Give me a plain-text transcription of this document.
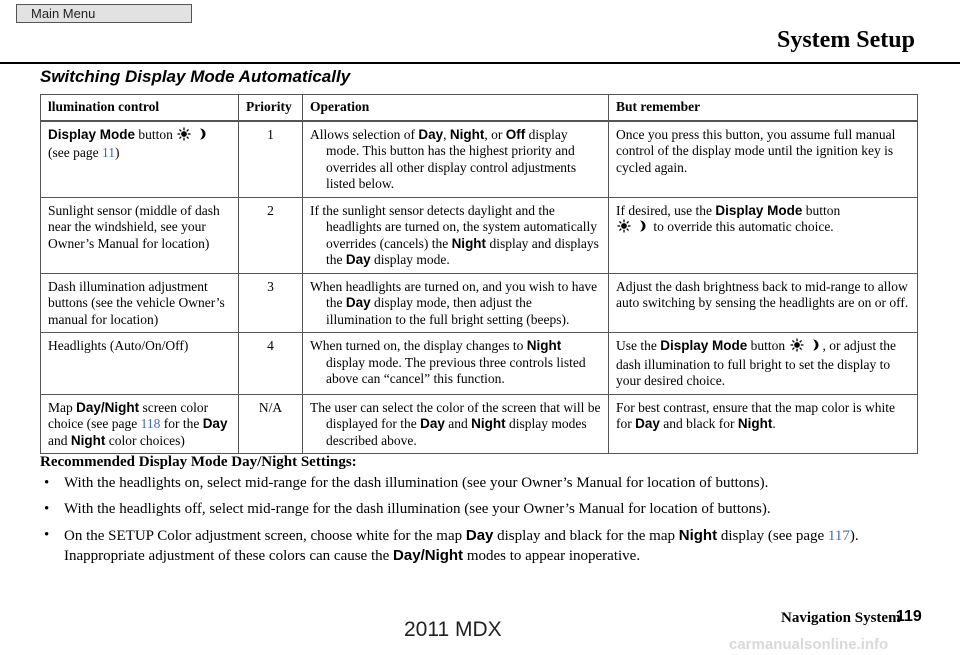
Main Menu
System Setup
Switching Display Mode Automatically
llumination control	Priority	Operation	But remember
Display Mode button
(see page 11)	1	Allows selection of Day, Night, or Off display mode. This button has the highest priority and overrides all other display control adjustments listed below.	Once you press this button, you assume full manual control of the display mode until the ignition key is cycled again.
Sunlight sensor (middle of dash near the windshield, see your Owner’s Manual for location)	2	If the sunlight sensor detects daylight and the headlights are turned on, the system automatically overrides (cancels) the Night display and displays the Day display mode.	If desired, use the Display Mode button
to override this automatic choice.

Dash illumination adjustment buttons (see the vehicle Owner’s manual for location)	3	When headlights are turned on, and you wish to have the Day display mode, then adjust the illumination to the full bright setting (beeps).	Adjust the dash brightness back to mid-range to allow auto switching by sensing the headlights are on or off.
Headlights (Auto/On/Off)	4	When turned on, the display changes to Night display mode. The previous three controls listed above can “cancel” this function.	Use the Display Mode button , or adjust the dash illumination to full bright to set the display to your desired choice.
Map Day/Night screen color choice (see page 118 for the Day and Night color choices)	N/A	The user can select the color of the screen that will be displayed for the Day and Night display modes described above.	For best contrast, ensure that the map color is white for Day and black for Night.
Recommended Display Mode Day/Night Settings:
• With the headlights on, select mid-range for the dash illumination (see your Owner’s Manual for location of buttons).
• With the headlights off, select mid-range for the dash illumination (see your Owner’s Manual for location of buttons).
• On the SETUP Color adjustment screen, choose white for the map Day display and black for the map Night display (see page 117). Inappropriate adjustment of these colors can cause the Day/Night modes to appear inoperative.
2011 MDX	Navigation System
119
carmanualsonline.info
